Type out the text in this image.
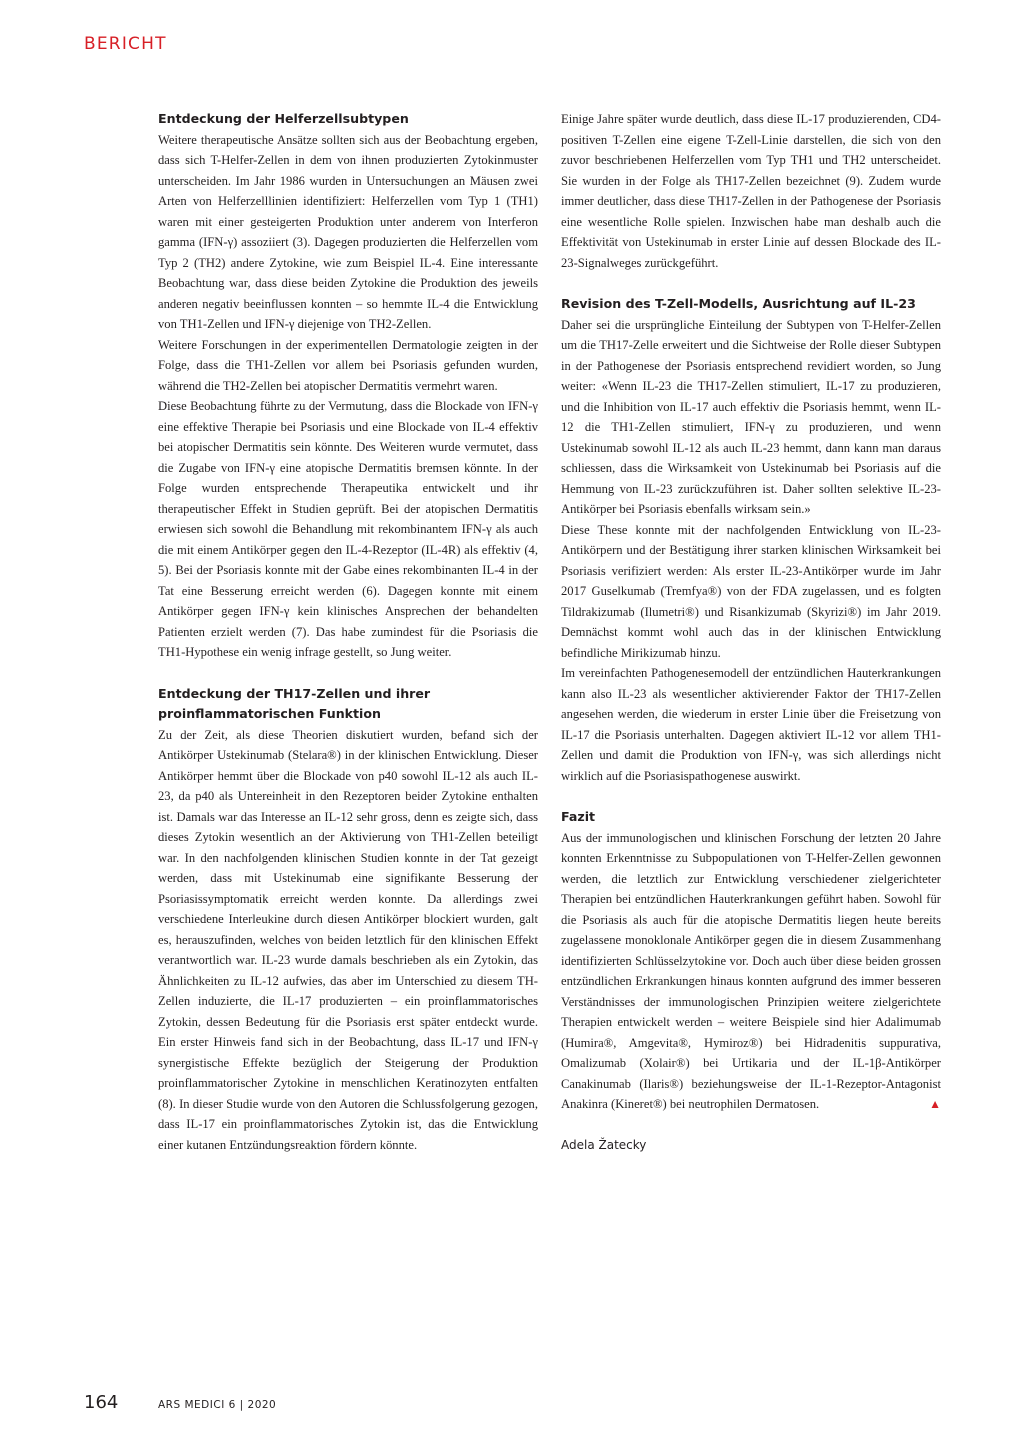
BERICHT
Entdeckung der Helferzellsubtypen

Weitere therapeutische Ansätze sollten sich aus der Beobachtung ergeben, dass sich T-Helfer-Zellen in dem von ihnen produzierten Zytokinmuster unterscheiden. Im Jahr 1986 wurden in Untersuchungen an Mäusen zwei Arten von Helferzelllinien identifiziert: Helferzellen vom Typ 1 (TH1) waren mit einer gesteigerten Produktion unter anderem von Interferon gamma (IFN-γ) assoziiert (3). Dagegen produzierten die Helferzellen vom Typ 2 (TH2) andere Zytokine, wie zum Beispiel IL-4. Eine interessante Beobachtung war, dass diese beiden Zytokine die Produktion des jeweils anderen negativ beeinflussen konnten – so hemmte IL-4 die Entwicklung von TH1-Zellen und IFN-γ diejenige von TH2-Zellen.

Weitere Forschungen in der experimentellen Dermatologie zeigten in der Folge, dass die TH1-Zellen vor allem bei Psoriasis gefunden wurden, während die TH2-Zellen bei atopischer Dermatitis vermehrt waren.

Diese Beobachtung führte zu der Vermutung, dass die Blockade von IFN-γ eine effektive Therapie bei Psoriasis und eine Blockade von IL-4 effektiv bei atopischer Dermatitis sein könnte. Des Weiteren wurde vermutet, dass die Zugabe von IFN-γ eine atopische Dermatitis bremsen könnte. In der Folge wurden entsprechende Therapeutika entwickelt und ihr therapeutischer Effekt in Studien geprüft. Bei der atopischen Dermatitis erwiesen sich sowohl die Behandlung mit rekombinantem IFN-γ als auch die mit einem Antikörper gegen den IL-4-Rezeptor (IL-4R) als effektiv (4, 5). Bei der Psoriasis konnte mit der Gabe eines rekombinanten IL-4 in der Tat eine Besserung erreicht werden (6). Dagegen konnte mit einem Antikörper gegen IFN-γ kein klinisches Ansprechen der behandelten Patienten erzielt werden (7). Das habe zumindest für die Psoriasis die TH1-Hypothese ein wenig infrage gestellt, so Jung weiter.

Entdeckung der TH17-Zellen und ihrer proinflammatorischen Funktion

Zu der Zeit, als diese Theorien diskutiert wurden, befand sich der Antikörper Ustekinumab (Stelara®) in der klinischen Entwicklung. Dieser Antikörper hemmt über die Blockade von p40 sowohl IL-12 als auch IL-23, da p40 als Untereinheit in den Rezeptoren beider Zytokine enthalten ist. Damals war das Interesse an IL-12 sehr gross, denn es zeigte sich, dass dieses Zytokin wesentlich an der Aktivierung von TH1-Zellen beteiligt war. In den nachfolgenden klinischen Studien konnte in der Tat gezeigt werden, dass mit Ustekinumab eine signifikante Besserung der Psoriasissymptomatik erreicht werden konnte. Da allerdings zwei verschiedene Interleukine durch diesen Antikörper blockiert wurden, galt es, herauszufinden, welches von beiden letztlich für den klinischen Effekt verantwortlich war. IL-23 wurde damals beschrieben als ein Zytokin, das Ähnlichkeiten zu IL-12 aufwies, das aber im Unterschied zu diesem TH-Zellen induzierte, die IL-17 produzierten – ein proinflammatorisches Zytokin, dessen Bedeutung für die Psoriasis erst später entdeckt wurde. Ein erster Hinweis fand sich in der Beobachtung, dass IL-17 und IFN-γ synergistische Effekte bezüglich der Steigerung der Produktion proinflammatorischer Zytokine in menschlichen Keratinozyten entfalten (8). In dieser Studie wurde von den Autoren die Schlussfolgerung gezogen, dass IL-17 ein proinflammatorisches Zytokin ist, das die Entwicklung einer kutanen Entzündungsreaktion fördern könnte.

Einige Jahre später wurde deutlich, dass diese IL-17 produzierenden, CD4-positiven T-Zellen eine eigene T-Zell-Linie darstellen, die sich von den zuvor beschriebenen Helferzellen vom Typ TH1 und TH2 unterscheidet. Sie wurden in der Folge als TH17-Zellen bezeichnet (9). Zudem wurde immer deutlicher, dass diese TH17-Zellen in der Pathogenese der Psoriasis eine wesentliche Rolle spielen. Inzwischen habe man deshalb auch die Effektivität von Ustekinumab in erster Linie auf dessen Blockade des IL-23-Signalweges zurückgeführt.

Revision des T-Zell-Modells, Ausrichtung auf IL-23

Daher sei die ursprüngliche Einteilung der Subtypen von T-Helfer-Zellen um die TH17-Zelle erweitert und die Sichtweise der Rolle dieser Subtypen in der Pathogenese der Psoriasis entsprechend revidiert worden, so Jung weiter: «Wenn IL-23 die TH17-Zellen stimuliert, IL-17 zu produzieren, und die Inhibition von IL-17 auch effektiv die Psoriasis hemmt, wenn IL-12 die TH1-Zellen stimuliert, IFN-γ zu produzieren, und wenn Ustekinumab sowohl IL-12 als auch IL-23 hemmt, dann kann man daraus schliessen, dass die Wirksamkeit von Ustekinumab bei Psoriasis auf die Hemmung von IL-23 zurückzuführen ist. Daher sollten selektive IL-23-Antikörper bei Psoriasis ebenfalls wirksam sein.»

Diese These konnte mit der nachfolgenden Entwicklung von IL-23-Antikörpern und der Bestätigung ihrer starken klinischen Wirksamkeit bei Psoriasis verifiziert werden: Als erster IL-23-Antikörper wurde im Jahr 2017 Guselkumab (Tremfya®) von der FDA zugelassen, und es folgten Tildrakizumab (Ilumetri®) und Risankizumab (Skyrizi®) im Jahr 2019. Demnächst kommt wohl auch das in der klinischen Entwicklung befindliche Mirikizumab hinzu.

Im vereinfachten Pathogenesemodell der entzündlichen Hauterkrankungen kann also IL-23 als wesentlicher aktivierender Faktor der TH17-Zellen angesehen werden, die wiederum in erster Linie über die Freisetzung von IL-17 die Psoriasis unterhalten. Dagegen aktiviert IL-12 vor allem TH1-Zellen und damit die Produktion von IFN-γ, was sich allerdings nicht wirklich auf die Psoriasispathogenese auswirkt.

Fazit

Aus der immunologischen und klinischen Forschung der letzten 20 Jahre konnten Erkenntnisse zu Subpopulationen von T-Helfer-Zellen gewonnen werden, die letztlich zur Entwicklung verschiedener zielgerichteter Therapien bei entzündlichen Hauterkrankungen geführt haben. Sowohl für die Psoriasis als auch für die atopische Dermatitis liegen heute bereits zugelassene monoklonale Antikörper gegen die in diesem Zusammenhang identifizierten Schlüsselzytokine vor. Doch auch über diese beiden grossen entzündlichen Erkrankungen hinaus konnten aufgrund des immer besseren Verständnisses der immunologischen Prinzipien weitere zielgerichtete Therapien entwickelt werden – weitere Beispiele sind hier Adalimumab (Humira®, Amgevita®, Hymiroz®) bei Hidradenitis suppurativa, Omalizumab (Xolair®) bei Urtikaria und der IL-1β-Antikörper Canakinumab (Ilaris®) beziehungsweise der IL-1-Rezeptor-Antagonist Anakinra (Kineret®) bei neutrophilen Dermatosen.	▲

Adela Žatecky
164	ARS MEDICI 6 | 2020
